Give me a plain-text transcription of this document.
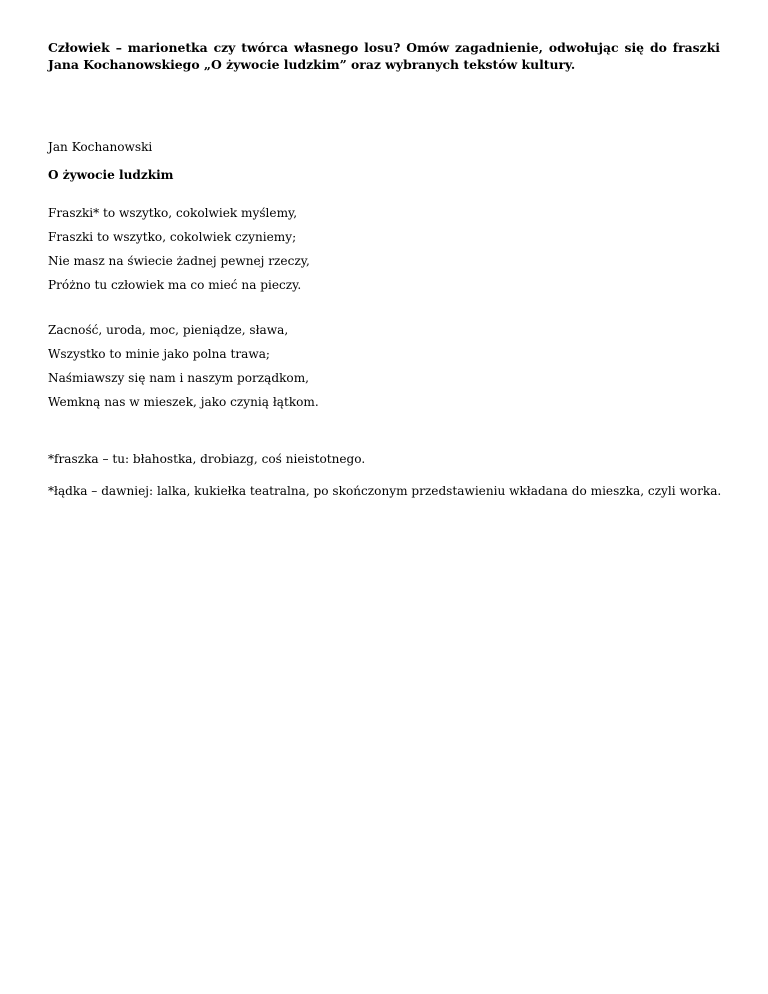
Człowiek – marionetka czy twórca własnego losu? Omów zagadnienie, odwołując się do fraszki Jana Kochanowskiego „O żywocie ludzkim” oraz wybranych tekstów kultury.

Jan Kochanowski

O żywocie ludzkim

Fraszki* to wszytko, cokolwiek myślemy,

Fraszki to wszytko, cokolwiek czyniemy;

Nie masz na świecie żadnej pewnej rzeczy,

Próżno tu człowiek ma co mieć na pieczy.

Zacność, uroda, moc, pieniądze, sława,

Wszystko to minie jako polna trawa;

Naśmiawszy się nam i naszym porządkom,

Wemkną nas w mieszek, jako czynią łątkom.

*fraszka – tu: błahostka, drobiazg, coś nieistotnego.

*łądka – dawniej: lalka, kukiełka teatralna, po skończonym przedstawieniu wkładana do mieszka, czyli worka.
